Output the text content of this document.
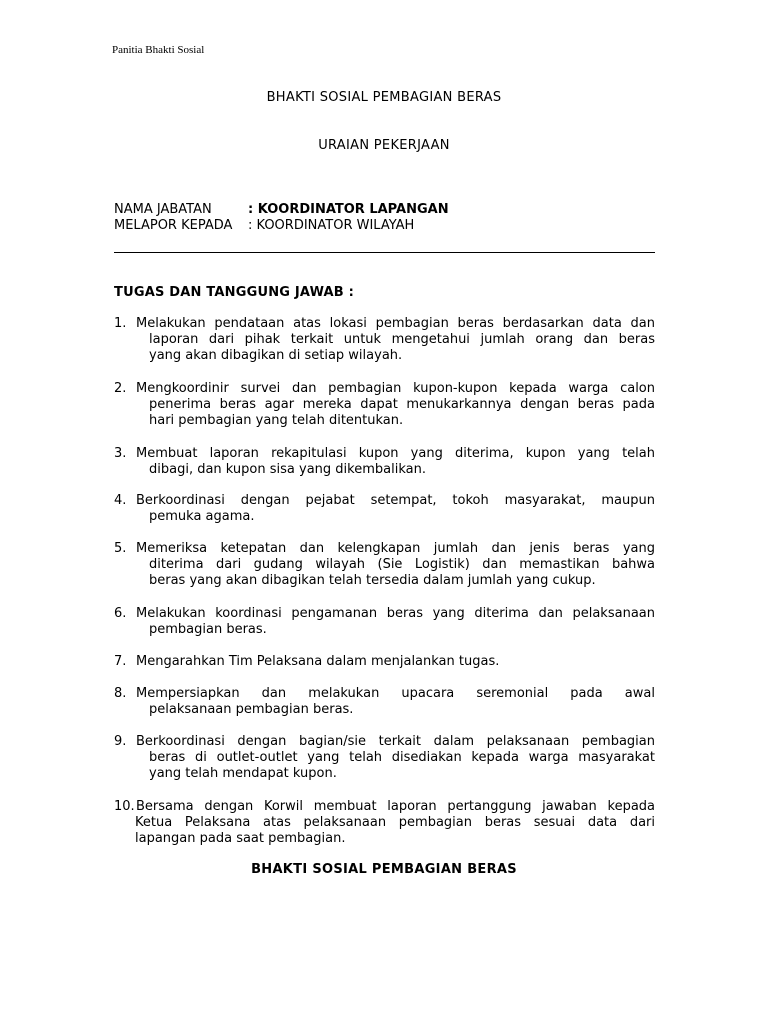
Panitia Bhakti Sosial
BHAKTI SOSIAL PEMBAGIAN BERAS
URAIAN PEKERJAAN
NAMA JABATAN	: KOORDINATOR LAPANGAN
MELAPOR KEPADA : KOORDINATOR WILAYAH
TUGAS DAN TANGGUNG JAWAB :
1. Melakukan pendataan atas lokasi pembagian beras berdasarkan data dan
laporan dari pihak terkait untuk mengetahui jumlah orang dan beras
yang akan dibagikan di setiap wilayah.
2. Mengkoordinir survei dan pembagian kupon-kupon kepada warga calon
penerima beras agar mereka dapat menukarkannya dengan beras pada
hari pembagian yang telah ditentukan.
3. Membuat laporan rekapitulasi kupon yang diterima, kupon yang telah
dibagi, dan kupon sisa yang dikembalikan.
4. Berkoordinasi dengan pejabat setempat, tokoh masyarakat, maupun
pemuka agama.
5. Memeriksa ketepatan dan kelengkapan jumlah dan jenis beras yang
diterima dari gudang wilayah (Sie Logistik) dan memastikan bahwa
beras yang akan dibagikan telah tersedia dalam jumlah yang cukup.
6. Melakukan koordinasi pengamanan beras yang diterima dan pelaksanaan
pembagian beras.
7. Mengarahkan Tim Pelaksana dalam menjalankan tugas.
8. Mempersiapkan dan melakukan upacara seremonial pada awal
pelaksanaan pembagian beras.
9. Berkoordinasi dengan bagian/sie terkait dalam pelaksanaan pembagian
beras di outlet-outlet yang telah disediakan kepada warga masyarakat
yang telah mendapat kupon.
10. Bersama dengan Korwil membuat laporan pertanggung jawaban kepada
Ketua Pelaksana atas pelaksanaan pembagian beras sesuai data dari
lapangan pada saat pembagian.
BHAKTI SOSIAL PEMBAGIAN BERAS
